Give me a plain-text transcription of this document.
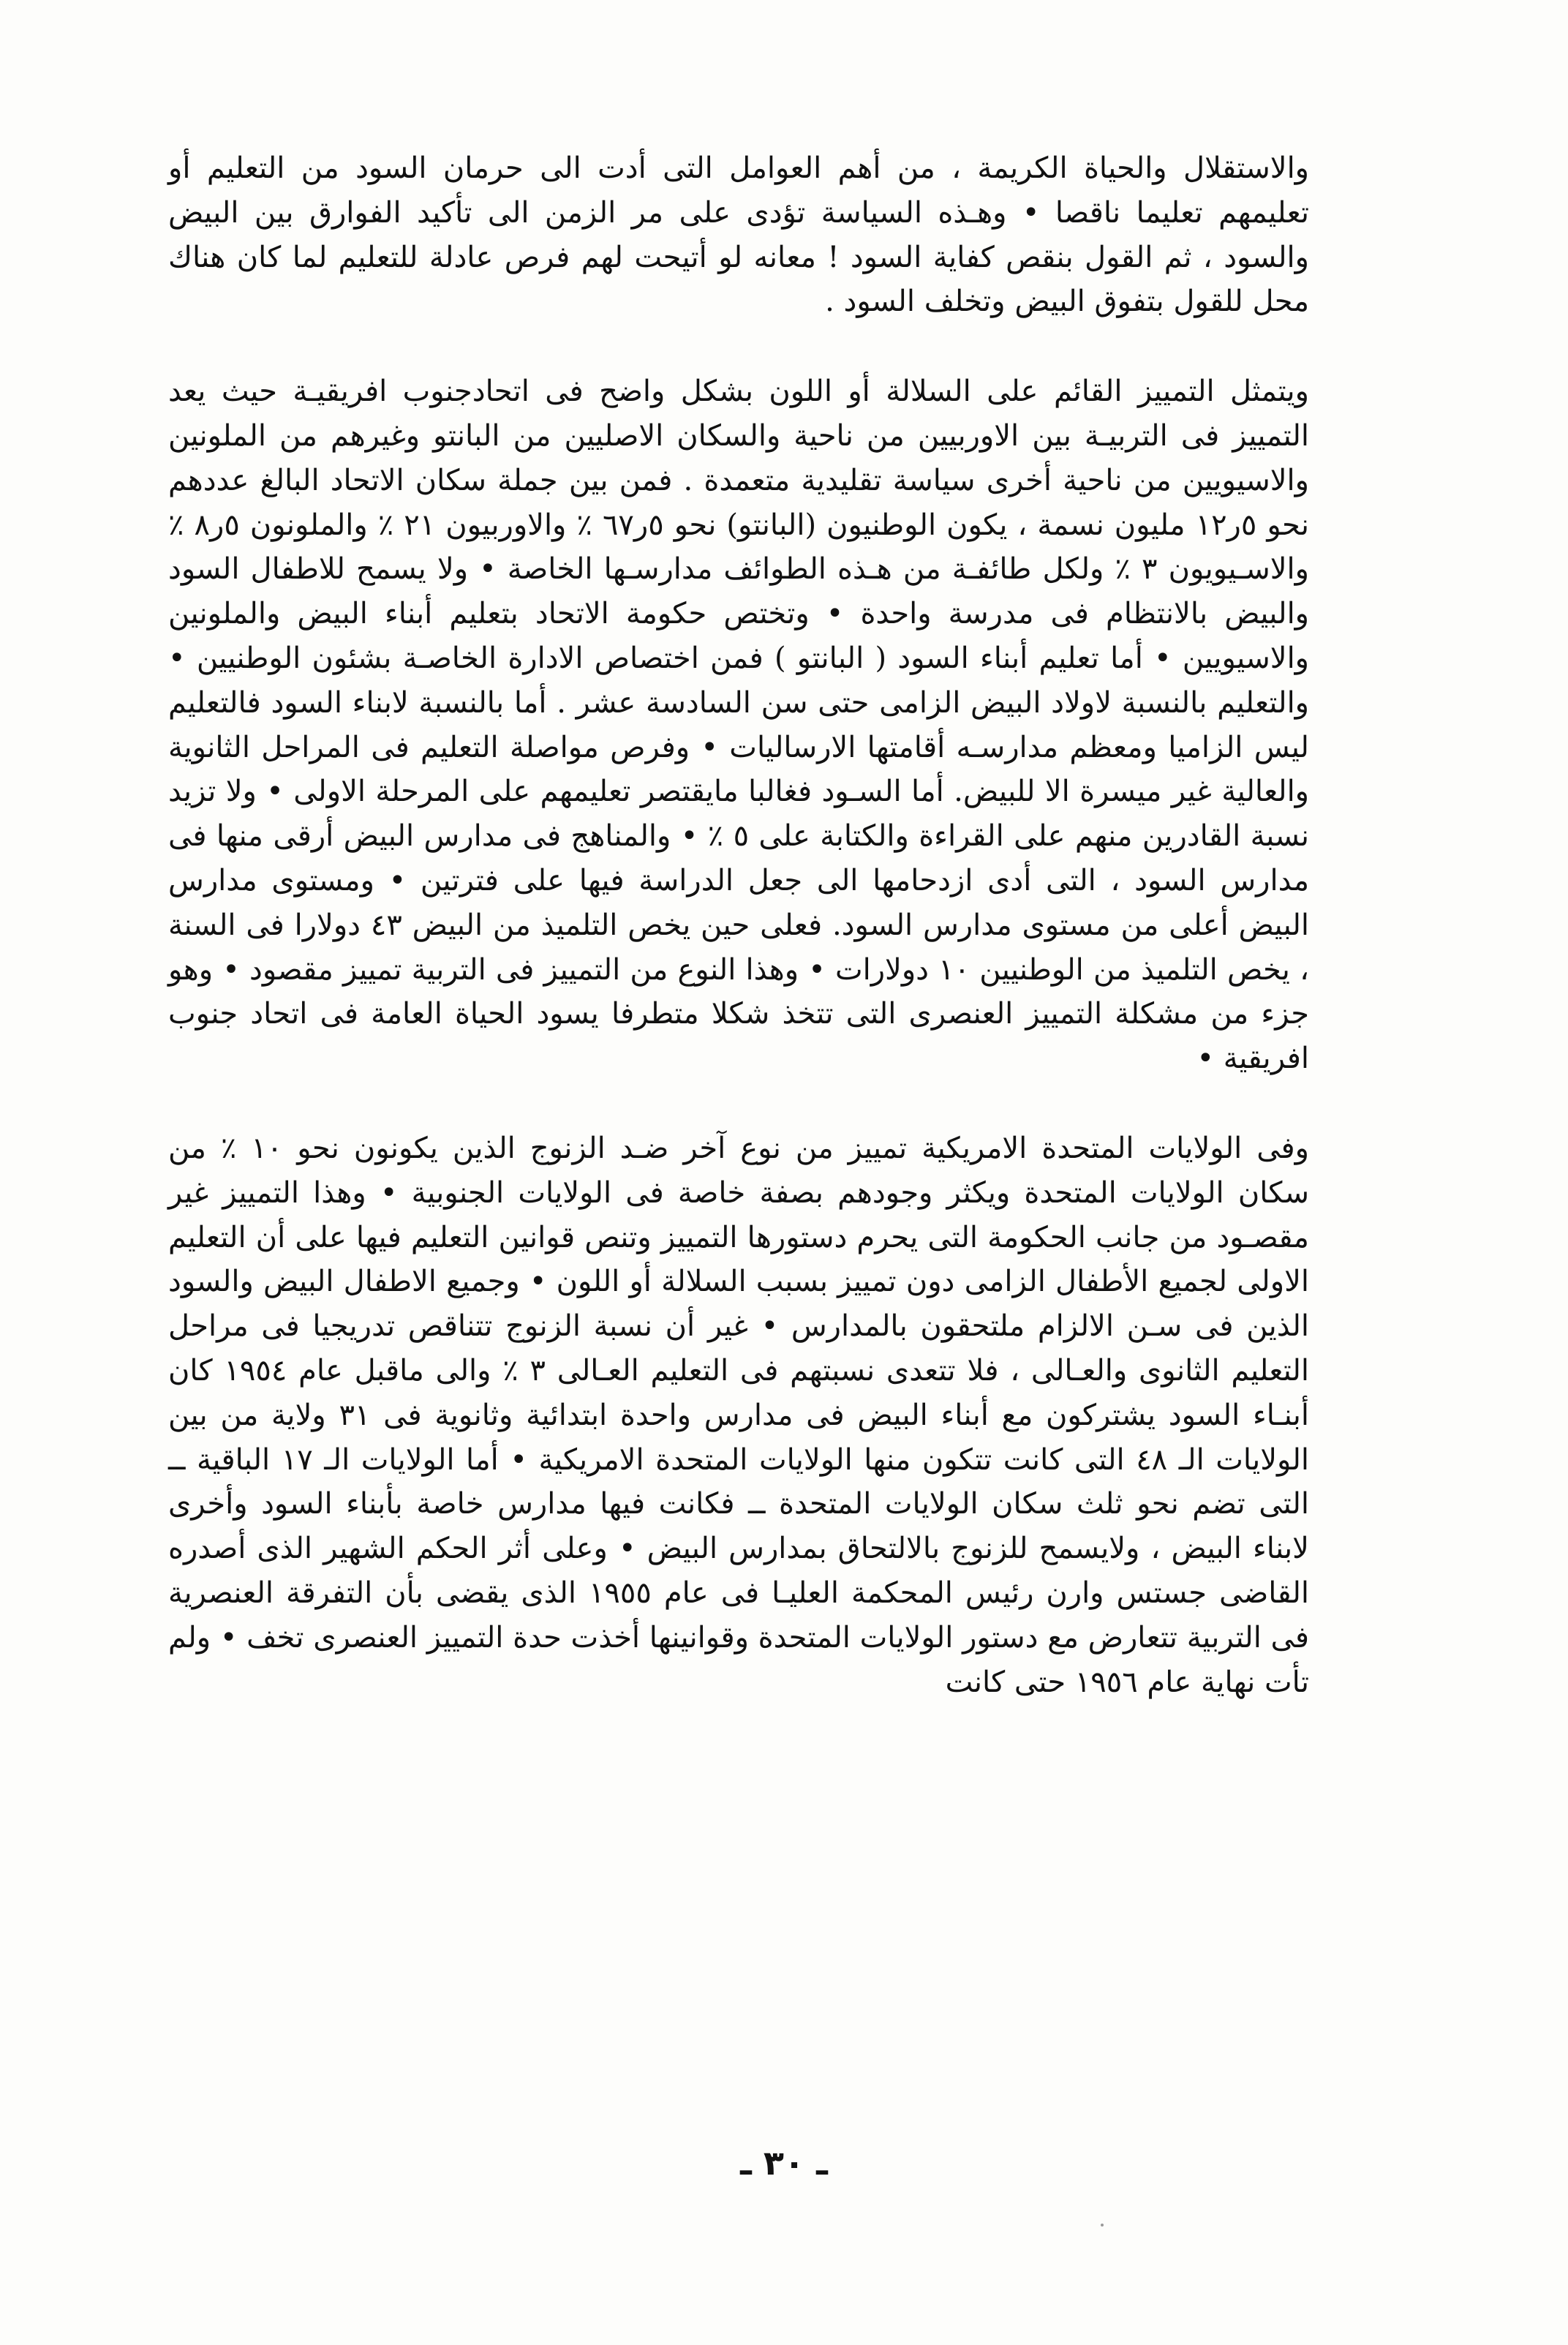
والاستقلال والحياة الكريمة ، من أهم العوامل التى أدت الى حرمان السود من التعليم أو تعليمهم تعليما ناقصا • وهـذه السياسة تؤدى على مر الزمن الى تأكيد الفوارق بين البيض والسود ، ثم القول بنقص كفاية السود ! معانه لو أتيحت لهم فرص عادلة للتعليم لما كان هناك محل للقول بتفوق البيض وتخلف السود .

ويتمثل التمييز القائم على السلالة أو اللون بشكل واضح فى اتحادجنوب افريقيـة حيث يعد التمييز فى التربيـة بين الاوربيين من ناحية والسكان الاصليين من البانتو وغيرهم من الملونين والاسيويين من ناحية أخرى سياسة تقليدية متعمدة . فمن بين جملة سكان الاتحاد البالغ عددهم نحو ٥ر١٢ مليون نسمة ، يكون الوطنيون (البانتو) نحو ٥ر٦٧ ٪ والاوربيون ٢١ ٪ والملونون ٥ر٨ ٪ والاسـيويون ٣ ٪ ولكل طائفـة من هـذه الطوائف مدارسـها الخاصة • ولا يسمح للاطفال السود والبيض بالانتظام فى مدرسة واحدة • وتختص حكومة الاتحاد بتعليم أبناء البيض والملونين والاسيويين • أما تعليم أبناء السود ( البانتو ) فمن اختصاص الادارة الخاصـة بشئون الوطنيين • والتعليم بالنسبة لاولاد البيض الزامى حتى سن السادسة عشر . أما بالنسبة لابناء السود فالتعليم ليس الزاميا ومعظم مدارسـه أقامتها الارساليات • وفرص مواصلة التعليم فى المراحل الثانوية والعالية غير ميسرة الا للبيض. أما السـود فغالبا مايقتصر تعليمهم على المرحلة الاولى • ولا تزيد نسبة القادرين منهم على القراءة والكتابة على ٥ ٪ • والمناهج فى مدارس البيض أرقى منها فى مدارس السود ، التى أدى ازدحامها الى جعل الدراسة فيها على فترتين • ومستوى مدارس البيض أعلى من مستوى مدارس السود. فعلى حين يخص التلميذ من البيض ٤٣ دولارا فى السنة ، يخص التلميذ من الوطنيين ١٠ دولارات • وهذا النوع من التمييز فى التربية تمييز مقصود • وهو جزء من مشكلة التمييز العنصرى التى تتخذ شكلا متطرفا يسود الحياة العامة فى اتحاد جنوب افريقية •

وفى الولايات المتحدة الامريكية تمييز من نوع آخر ضـد الزنوج الذين يكونون نحو ١٠ ٪ من سكان الولايات المتحدة ويكثر وجودهم بصفة خاصة فى الولايات الجنوبية • وهذا التمييز غير مقصـود من جانب الحكومة التى يحرم دستورها التمييز وتنص قوانين التعليم فيها على أن التعليم الاولى لجميع الأطفال الزامى دون تمييز بسبب السلالة أو اللون • وجميع الاطفال البيض والسود الذين فى سـن الالزام ملتحقون بالمدارس • غير أن نسبة الزنوج تتناقص تدريجيا فى مراحل التعليم الثانوى والعـالى ، فلا تتعدى نسبتهم فى التعليم العـالى ٣ ٪ والى ماقبل عام ١٩٥٤ كان أبنـاء السود يشتركون مع أبناء البيض فى مدارس واحدة ابتدائية وثانوية فى ٣١ ولاية من بين الولايات الـ ٤٨ التى كانت تتكون منها الولايات المتحدة الامريكية • أما الولايات الـ ١٧ الباقية ــ التى تضم نحو ثلث سكان الولايات المتحدة ــ فكانت فيها مدارس خاصة بأبناء السود وأخرى لابناء البيض ، ولايسمح للزنوج بالالتحاق بمدارس البيض • وعلى أثر الحكم الشهير الذى أصدره القاضى جستس وارن رئيس المحكمة العليـا فى عام ١٩٥٥ الذى يقضى بأن التفرقة العنصرية فى التربية تتعارض مع دستور الولايات المتحدة وقوانينها أخذت حدة التمييز العنصرى تخف • ولم تأت نهاية عام ١٩٥٦ حتى كانت

ـ ٣٠ ـ
